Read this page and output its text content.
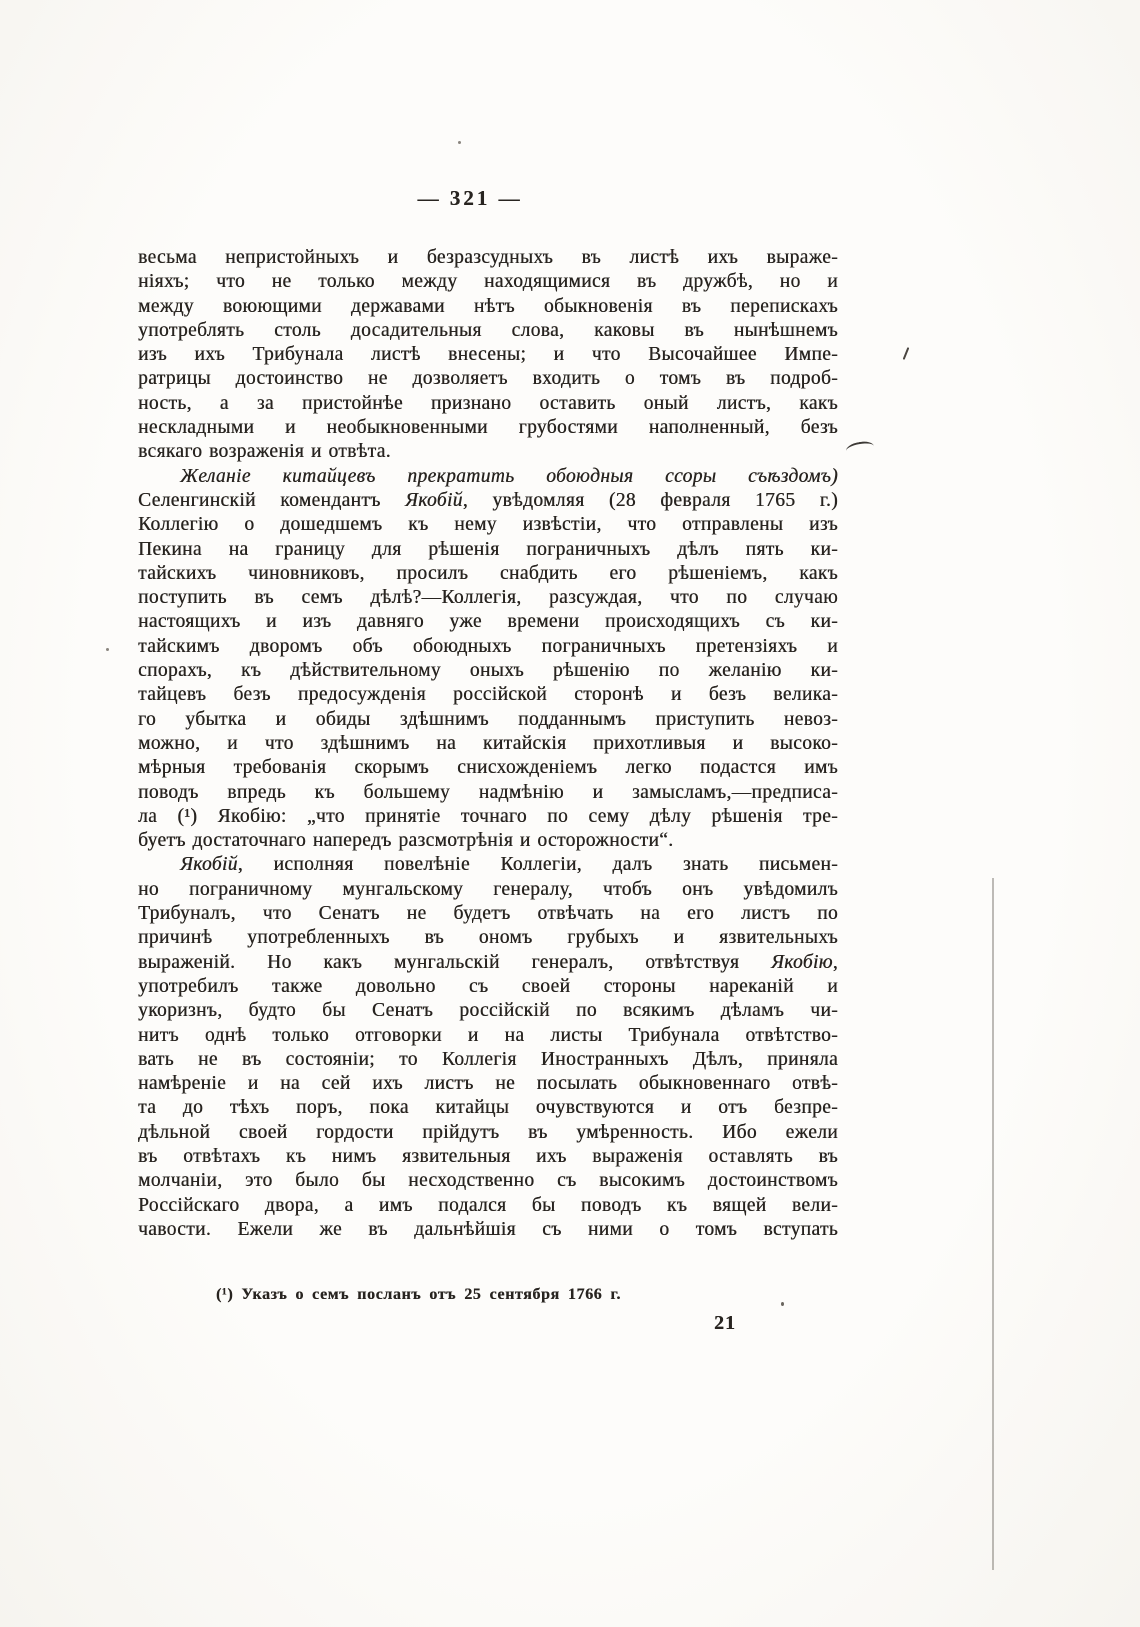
— 321 —
весьма непристойныхъ и безразсудныхъ въ листѣ ихъ выраже-
ніяхъ; что не только между находящимися въ дружбѣ, но и
между воюющими державами нѣтъ обыкновенія въ перепискахъ
употреблять столь досадительныя слова, каковы въ нынѣшнемъ
изъ ихъ Трибунала листѣ внесены; и что Высочайшее Импе-
ратрицы достоинство не дозволяетъ входить о томъ въ подроб-
ность, а за пристойнѣе признано оставить оный листъ, какъ
нескладными и необыкновенными грубостями наполненный, безъ
всякаго возраженія и отвѣта.
Желаніе китайцевъ прекратить обоюдныя ссоры съѣздомъ)
Селенгинскій комендантъ Якобій, увѣдомляя (28 февраля 1765 г.)
Коллегію о дошедшемъ къ нему извѣстіи, что отправлены изъ
Пекина на границу для рѣшенія пограничныхъ дѣлъ пять ки-
тайскихъ чиновниковъ, просилъ снабдить его рѣшеніемъ, какъ
поступить въ семъ дѣлѣ?—Коллегія, разсуждая, что по случаю
настоящихъ и изъ давняго уже времени происходящихъ съ ки-
тайскимъ дворомъ объ обоюдныхъ пограничныхъ претензіяхъ и
спорахъ, къ дѣйствительному оныхъ рѣшенію по желанію ки-
тайцевъ безъ предосужденія россійской сторонѣ и безъ велика-
го убытка и обиды здѣшнимъ подданнымъ приступить невоз-
можно, и что здѣшнимъ на китайскія прихотливыя и высоко-
мѣрныя требованія скорымъ снисхожденіемъ легко подастся имъ
поводъ впредь къ большему надмѣнію и замысламъ,—предписа-
ла (¹) Якобію: „что принятіе точнаго по сему дѣлу рѣшенія тре-
буетъ достаточнаго напередъ разсмотрѣнія и осторожности“.
Якобій, исполняя повелѣніе Коллегіи, далъ знать письмен-
но пограничному мунгальскому генералу, чтобъ онъ увѣдомилъ
Трибуналъ, что Сенатъ не будетъ отвѣчать на его листъ по
причинѣ употребленныхъ въ ономъ грубыхъ и язвительныхъ
выраженій. Но какъ мунгальскій генералъ, отвѣтствуя Якобію,
употребилъ также довольно съ своей стороны нареканій и
укоризнъ, будто бы Сенатъ россійскій по всякимъ дѣламъ чи-
нитъ однѣ только отговорки и на листы Трибунала отвѣтство-
вать не въ состояніи; то Коллегія Иностранныхъ Дѣлъ, приняла
намѣреніе и на сей ихъ листъ не посылать обыкновеннаго отвѣ-
та до тѣхъ поръ, пока китайцы очувствуются и отъ безпре-
дѣльной своей гордости прійдутъ въ умѣренность. Ибо ежели
въ отвѣтахъ къ нимъ язвительныя ихъ выраженія оставлять въ
молчаніи, это было бы несходственно съ высокимъ достоинствомъ
Россійскаго двора, а имъ подался бы поводъ къ вящей вели-
чавости. Ежели же въ дальнѣйшія съ ними о томъ вступать
(¹) Указъ о семъ посланъ отъ 25 сентября 1766 г.
21
